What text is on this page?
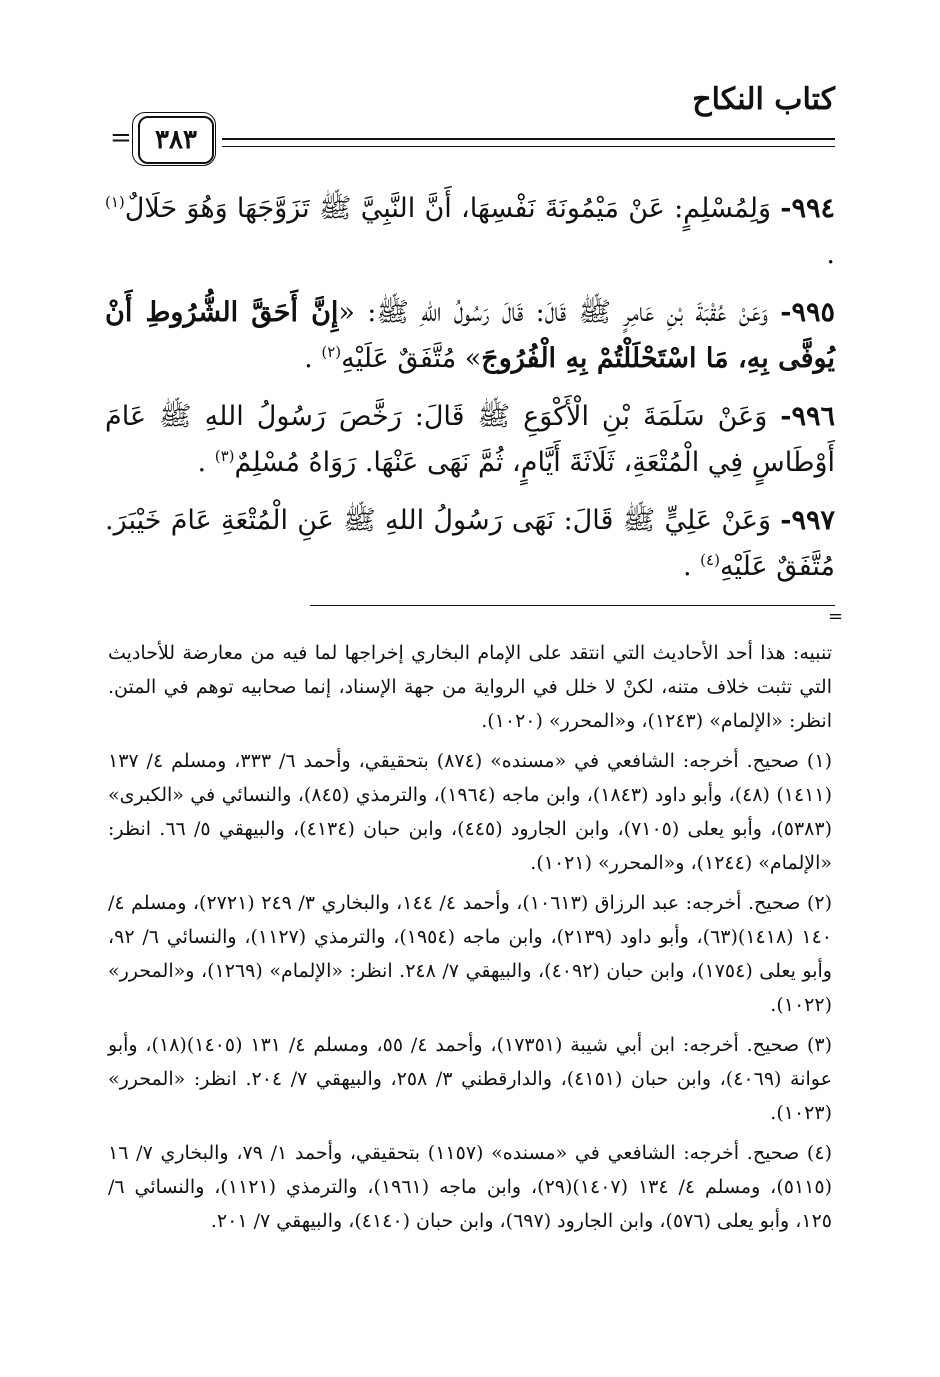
كتاب النكاح
٣٨٣
=

٩٩٤- وَلِمُسْلِمٍ: عَنْ مَيْمُونَةَ نَفْسِهَا، أَنَّ النَّبِيَّ ﷺ تَزَوَّجَهَا وَهُوَ حَلَالٌ$^{(١)}$ .

٩٩٥- وَعَنْ عُقْبَةَ بْنِ عَامِرٍ ﷺ قَالَ: قَالَ رَسُولُ اللهِ ﷺ: «إِنَّ أَحَقَّ الشُّرُوطِ أَنْ يُوفَّى بِهِ، مَا اسْتَحْلَلْتُمْ بِهِ الْفُرُوجَ» مُتَّفَقٌ عَلَيْهِ$^{(٢)}$ .

٩٩٦- وَعَنْ سَلَمَةَ بْنِ الْأَكْوَعِ ﷺ قَالَ: رَخَّصَ رَسُولُ اللهِ ﷺ عَامَ أَوْطَاسٍ فِي الْمُتْعَةِ، ثَلَاثَةَ أَيَّامٍ، ثُمَّ نَهَى عَنْهَا. رَوَاهُ مُسْلِمٌ$^{(٣)}$ .

٩٩٧- وَعَنْ عَلِيٍّ ﷺ قَالَ: نَهَى رَسُولُ اللهِ ﷺ عَنِ الْمُتْعَةِ عَامَ خَيْبَرَ. مُتَّفَقٌ عَلَيْهِ$^{(٤)}$ .

=

تنبيه: هذا أحد الأحاديث التي انتقد على الإمام البخاري إخراجها لما فيه من معارضة للأحاديث التي تثبت خلاف متنه، لكنْ لا خلل في الرواية من جهة الإسناد، إنما صحابيه توهم في المتن. انظر: «الإلمام» (١٢٤٣)، و«المحرر» (١٠٢٠).

(١) صحيح. أخرجه: الشافعي في «مسنده» (٨٧٤) بتحقيقي، وأحمد ٦/ ٣٣٣، ومسلم ٤/ ١٣٧ (١٤١١) (٤٨)، وأبو داود (١٨٤٣)، وابن ماجه (١٩٦٤)، والترمذي (٨٤٥)، والنسائي في «الكبرى» (٥٣٨٣)، وأبو يعلى (٧١٠٥)، وابن الجارود (٤٤٥)، وابن حبان (٤١٣٤)، والبيهقي ٥/ ٦٦. انظر: «الإلمام» (١٢٤٤)، و«المحرر» (١٠٢١).

(٢) صحيح. أخرجه: عبد الرزاق (١٠٦١٣)، وأحمد ٤/ ١٤٤، والبخاري ٣/ ٢٤٩ (٢٧٢١)، ومسلم ٤/ ١٤٠ (١٤١٨)(٦٣)، وأبو داود (٢١٣٩)، وابن ماجه (١٩٥٤)، والترمذي (١١٢٧)، والنسائي ٦/ ٩٢، وأبو يعلى (١٧٥٤)، وابن حبان (٤٠٩٢)، والبيهقي ٧/ ٢٤٨. انظر: «الإلمام» (١٢٦٩)، و«المحرر» (١٠٢٢).

(٣) صحيح. أخرجه: ابن أبي شيبة (١٧٣٥١)، وأحمد ٤/ ٥٥، ومسلم ٤/ ١٣١ (١٤٠٥)(١٨)، وأبو عوانة (٤٠٦٩)، وابن حبان (٤١٥١)، والدارقطني ٣/ ٢٥٨، والبيهقي ٧/ ٢٠٤. انظر: «المحرر» (١٠٢٣).

(٤) صحيح. أخرجه: الشافعي في «مسنده» (١١٥٧) بتحقيقي، وأحمد ١/ ٧٩، والبخاري ٧/ ١٦ (٥١١٥)، ومسلم ٤/ ١٣٤ (١٤٠٧)(٢٩)، وابن ماجه (١٩٦١)، والترمذي (١١٢١)، والنسائي ٦/ ١٢٥، وأبو يعلى (٥٧٦)، وابن الجارود (٦٩٧)، وابن حبان (٤١٤٠)، والبيهقي ٧/ ٢٠١.
